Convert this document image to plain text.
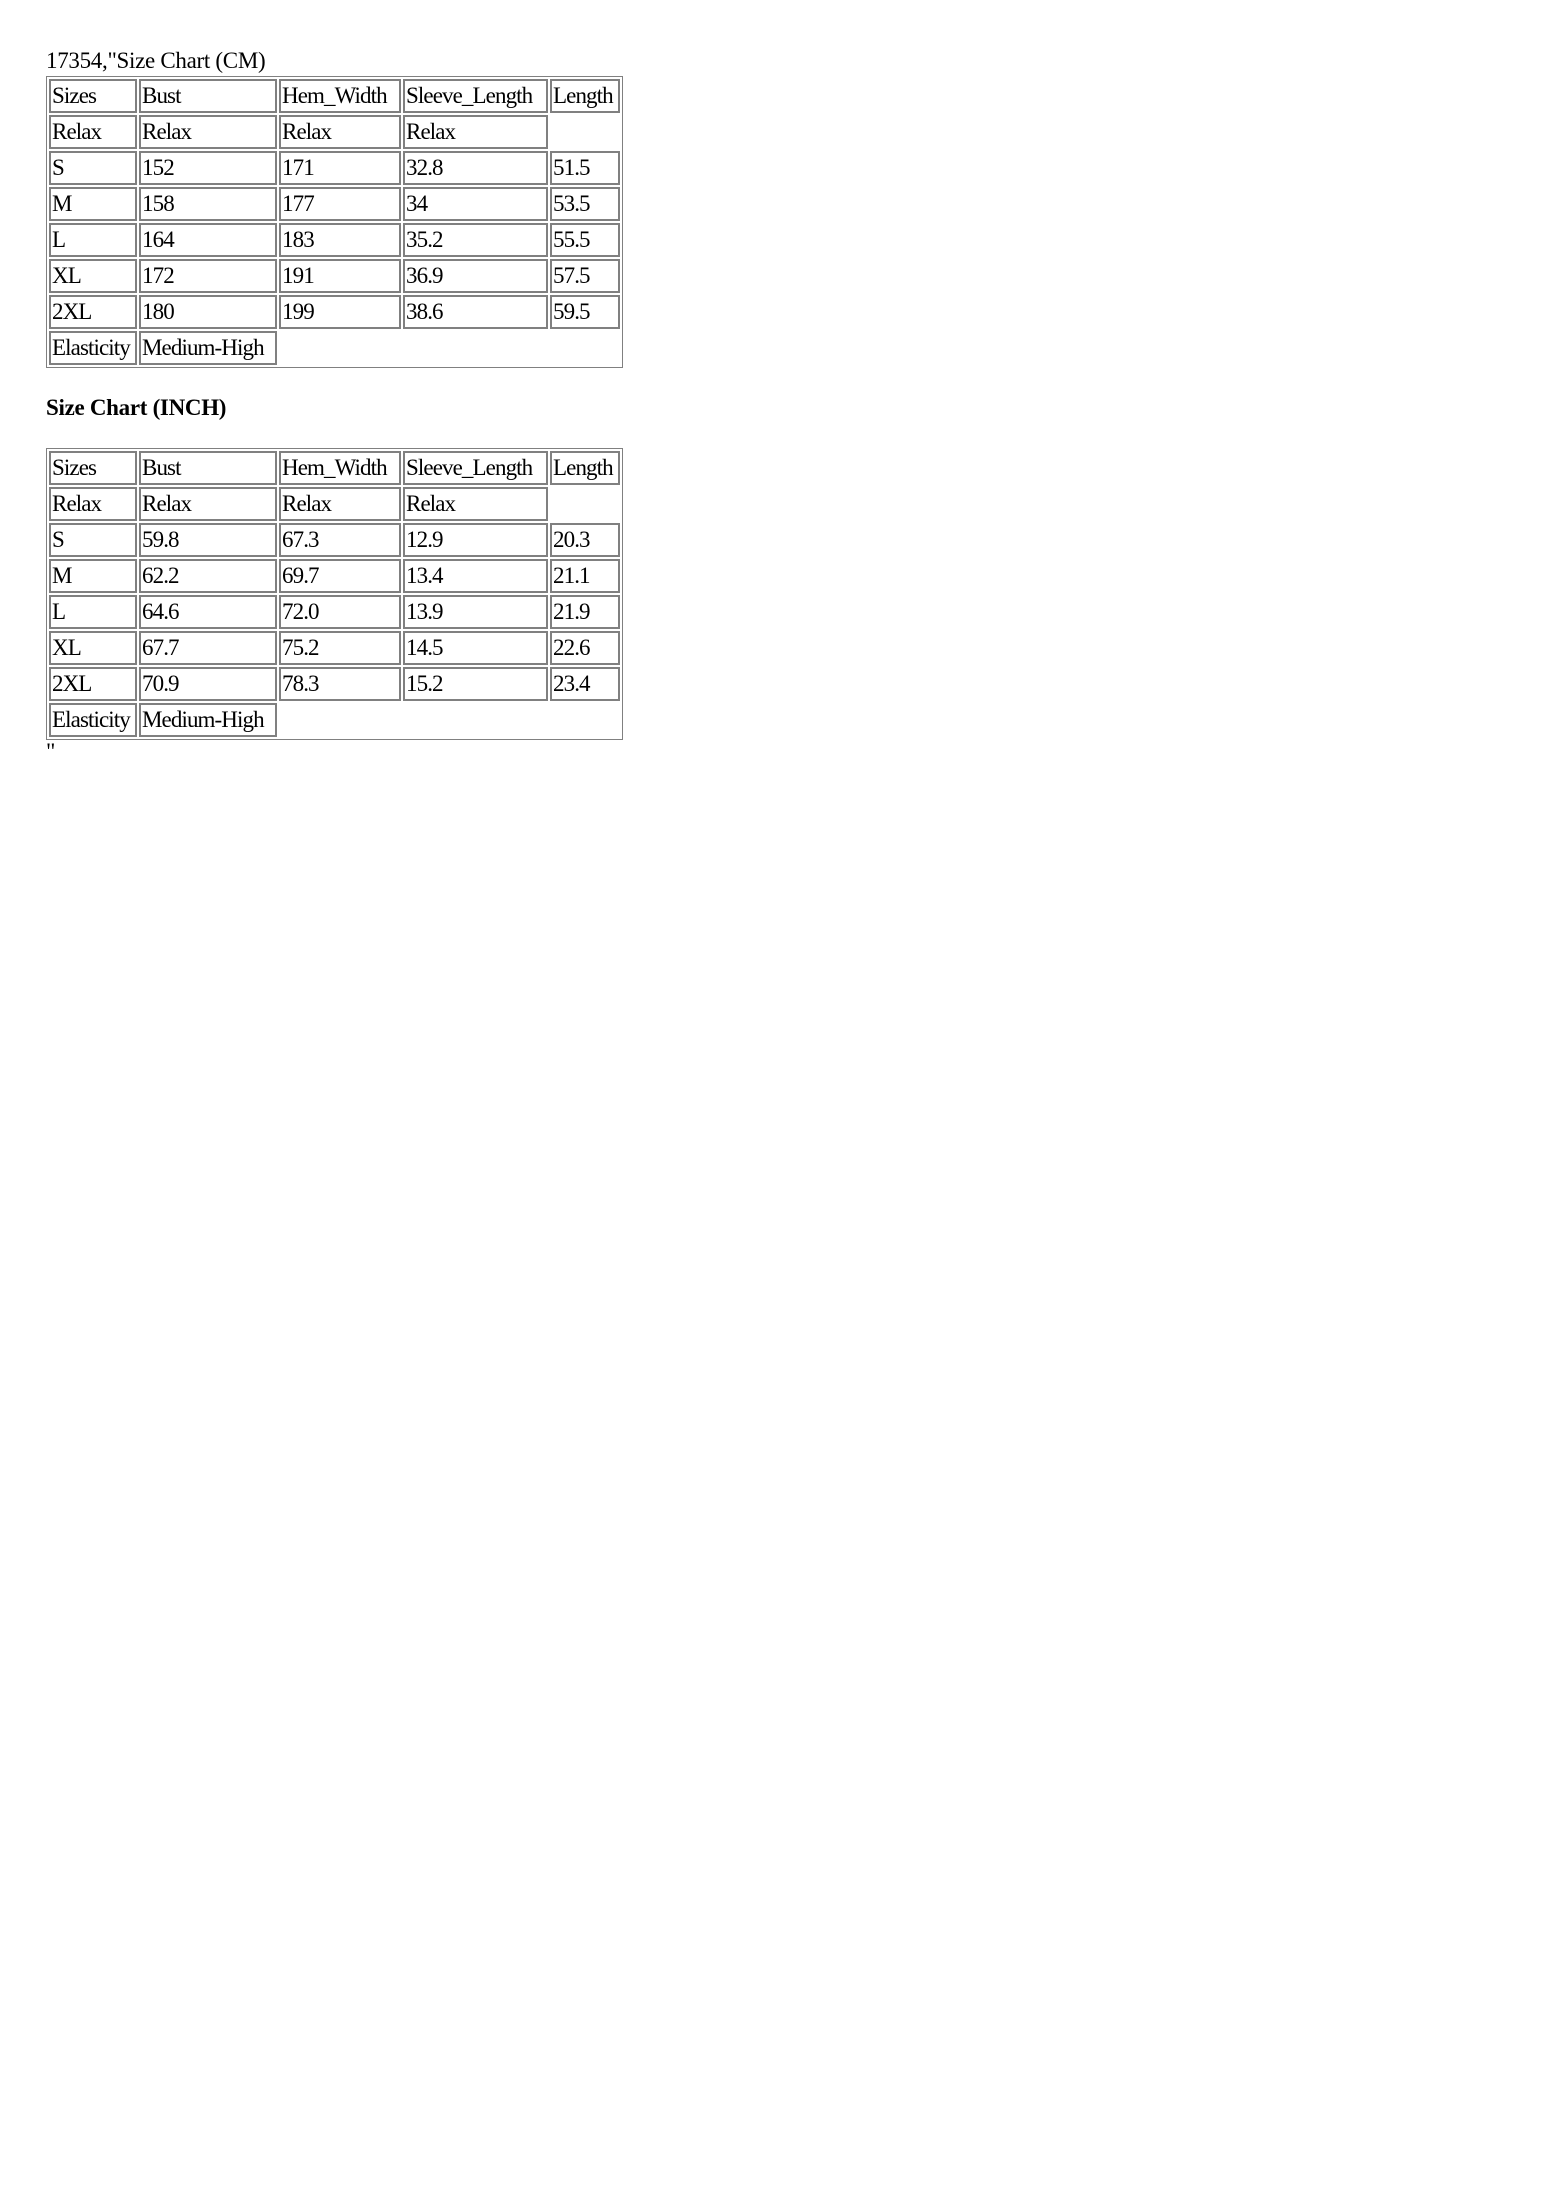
17354,"Size Chart (CM)
Sizes	Bust	Hem_Width	Sleeve_Length	Length
Relax	Relax	Relax	Relax	
S	152	171	32.8	51.5
M	158	177	34	53.5
L	164	183	35.2	55.5
XL	172	191	36.9	57.5
2XL	180	199	38.6	59.5
Elasticity	Medium-High			
Size Chart (INCH)
Sizes	Bust	Hem_Width	Sleeve_Length	Length
Relax	Relax	Relax	Relax	
S	59.8	67.3	12.9	20.3
M	62.2	69.7	13.4	21.1
L	64.6	72.0	13.9	21.9
XL	67.7	75.2	14.5	22.6
2XL	70.9	78.3	15.2	23.4
Elasticity	Medium-High			
"
